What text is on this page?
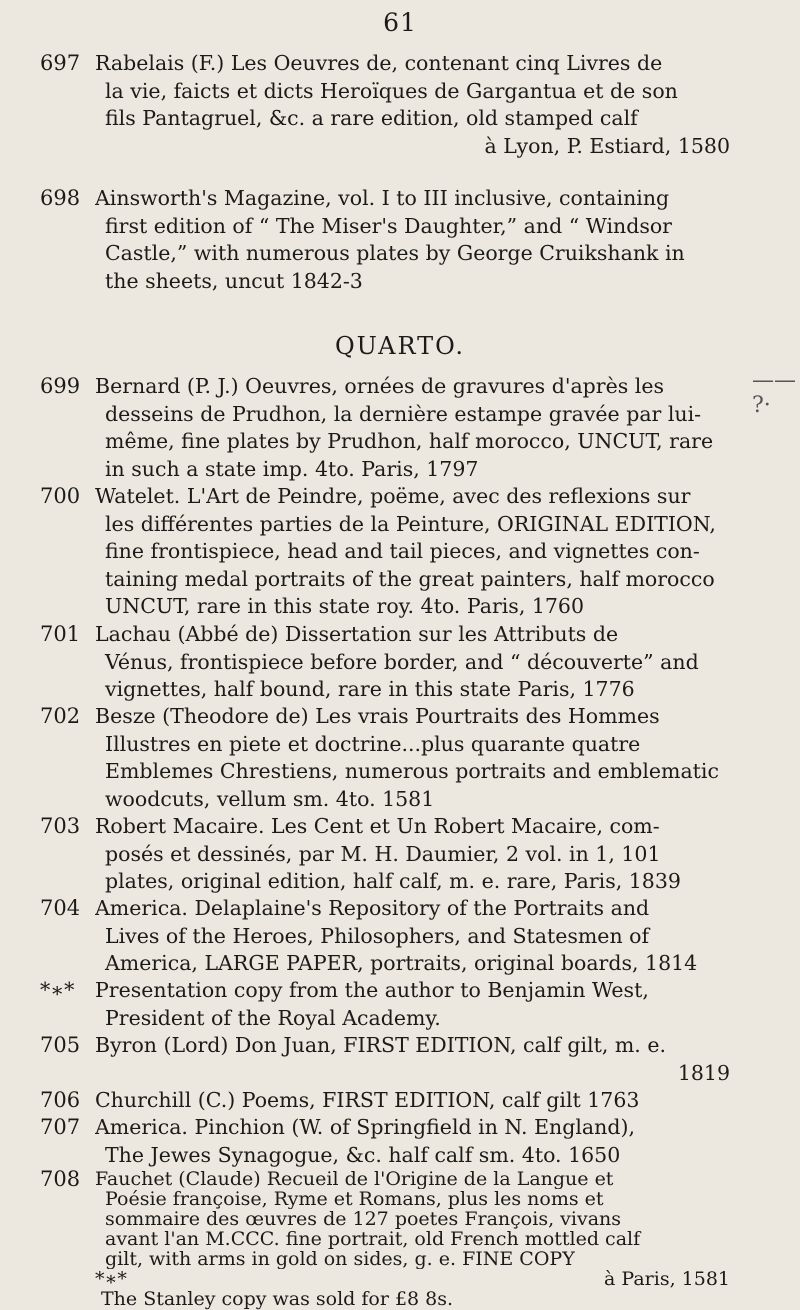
61
697 Rabelais (F.) Les Oeuvres de, contenant cinq Livres de
la vie, faicts et dicts Heroïques de Gargantua et de son
fils Pantagruel, &c. a rare edition, old stamped calf
à Lyon, P. Estiard, 1580
698 Ainsworth's Magazine, vol. I to III inclusive, containing
first edition of “ The Miser's Daughter,” and “ Windsor
Castle,” with numerous plates by George Cruikshank in
the sheets, uncut 1842-3
QUARTO.
—— ?·
699 Bernard (P. J.) Oeuvres, ornées de gravures d'après les
desseins de Prudhon, la dernière estampe gravée par lui-
même, fine plates by Prudhon, half morocco, UNCUT, rare
in such a state imp. 4to. Paris, 1797
700 Watelet. L'Art de Peindre, poëme, avec des reflexions sur
les différentes parties de la Peinture, ORIGINAL EDITION,
fine frontispiece, head and tail pieces, and vignettes con-
taining medal portraits of the great painters, half morocco
UNCUT, rare in this state roy. 4to. Paris, 1760
701 Lachau (Abbé de) Dissertation sur les Attributs de
Vénus, frontispiece before border, and “ découverte” and
vignettes, half bound, rare in this state Paris, 1776
702 Besze (Theodore de) Les vrais Pourtraits des Hommes
Illustres en piete et doctrine...plus quarante quatre
Emblemes Chrestiens, numerous portraits and emblematic
woodcuts, vellum sm. 4to. 1581
703 Robert Macaire. Les Cent et Un Robert Macaire, com-
posés et dessinés, par M. H. Daumier, 2 vol. in 1, 101
plates, original edition, half calf, m. e. rare, Paris, 1839
704 America. Delaplaine's Repository of the Portraits and
Lives of the Heroes, Philosophers, and Statesmen of
America, LARGE PAPER, portraits, original boards, 1814
*∗*	Presentation copy from the author to Benjamin West,
President of the Royal Academy.
705 Byron (Lord) Don Juan, FIRST EDITION, calf gilt, m. e.
1819
706 Churchill (C.) Poems, FIRST EDITION, calf gilt 1763
707 America. Pinchion (W. of Springfield in N. England),
The Jewes Synagogue, &c. half calf sm. 4to. 1650
708 Fauchet (Claude) Recueil de l'Origine de la Langue et
Poésie françoise, Ryme et Romans, plus les noms et
sommaire des œuvres de 127 poetes François, vivans
avant l'an M.CCC. fine portrait, old French mottled calf
gilt, with arms in gold on sides, g. e. FINE COPY
à Paris, 1581
*∗* The Stanley copy was sold for £8 8s.
